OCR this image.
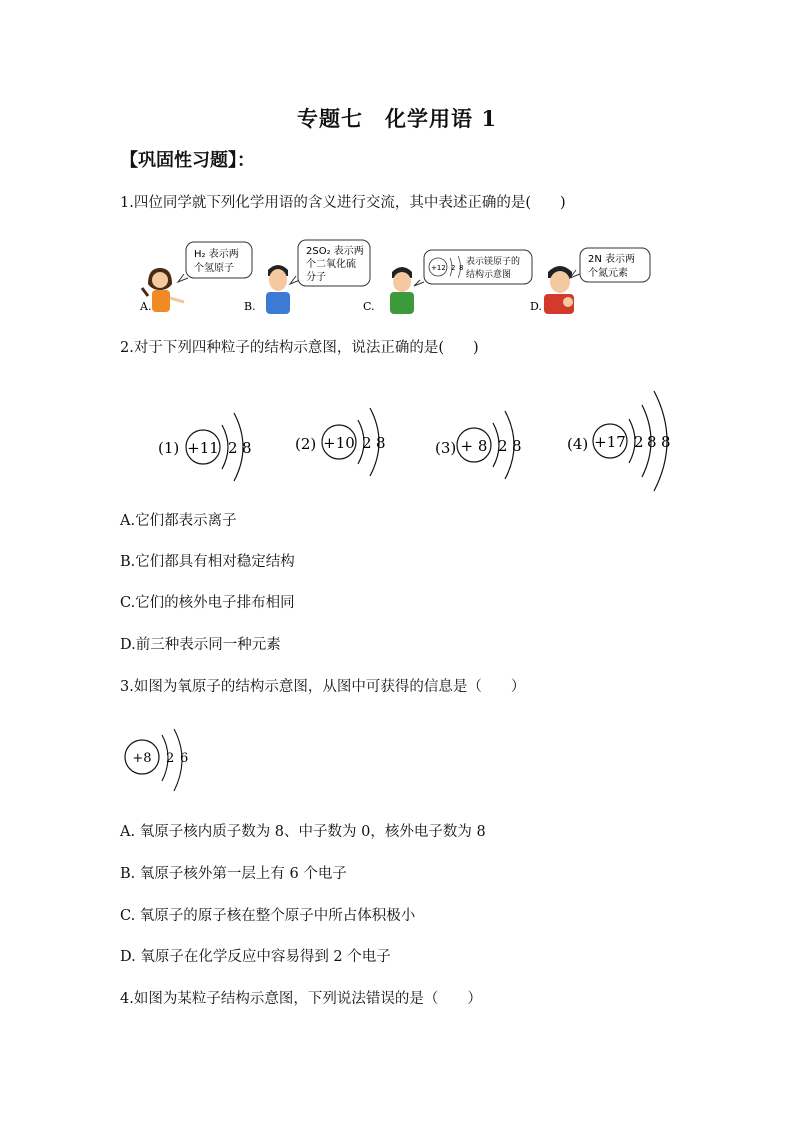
专题七　化学用语 1
【巩固性习题】：
1.四位同学就下列化学用语的含义进行交流，其中表述正确的是(　　)
A.
H₂ 表示两
个氢原子
B.
2SO₂ 表示两
个二氧化硫
分子
C.
+12 2 8
表示镁原子的
结构示意图
D.
2N 表示两
个氮元素
2.对于下列四种粒子的结构示意图，说法正确的是(　　)
(1) +11 2 8	(2) +10 2 8	(3) + 8 2 8	(4) +17 2 8 8
A.它们都表示离子
B.它们都具有相对稳定结构
C.它们的核外电子排布相同
D.前三种表示同一种元素
3.如图为氧原子的结构示意图，从图中可获得的信息是（　　）
+8 2 6
A. 氧原子核内质子数为 8、中子数为 0，核外电子数为 8
B. 氧原子核外第一层上有 6 个电子
C. 氧原子的原子核在整个原子中所占体积极小
D. 氧原子在化学反应中容易得到 2 个电子
4.如图为某粒子结构示意图，下列说法错误的是（　　）
